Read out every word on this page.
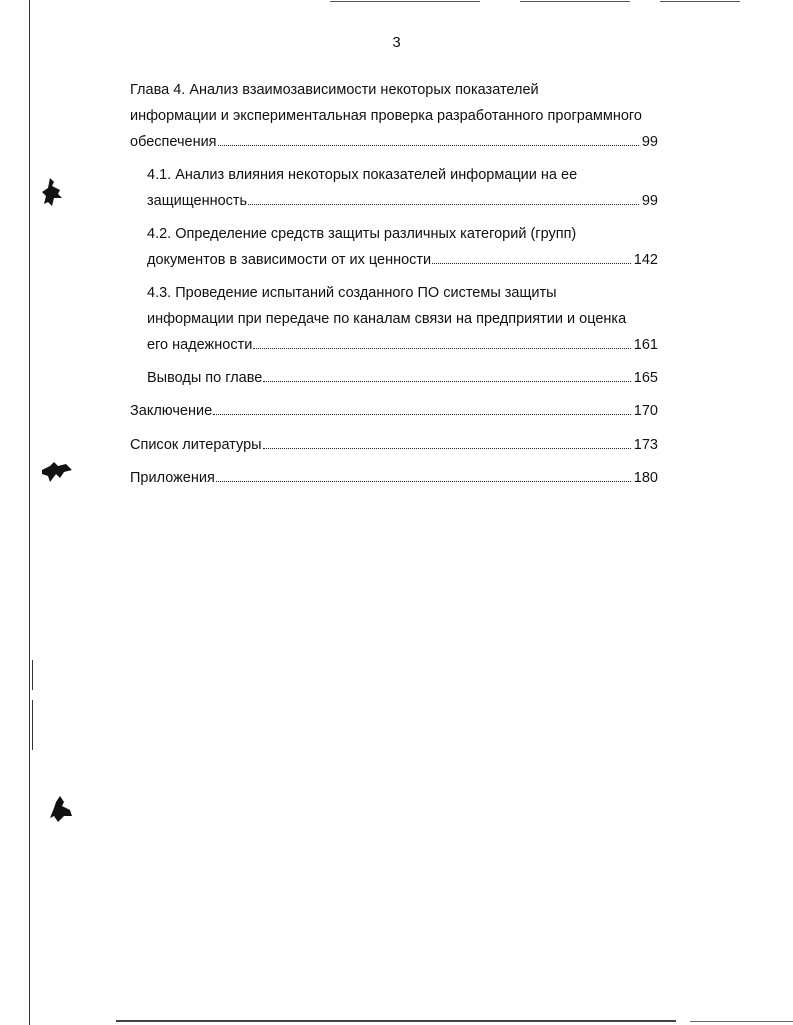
3
Глава 4. Анализ взаимозависимости некоторых показателей
информации и экспериментальная проверка разработанного программного
обеспечения	99
4.1. Анализ влияния некоторых показателей информации на ее
защищенность	99
4.2. Определение средств защиты различных категорий (групп)
документов в зависимости от их ценности	142
4.3. Проведение испытаний созданного ПО системы защиты
информации при передаче по каналам связи на предприятии и оценка
его надежности	161
Выводы по главе	165
Заключение	170
Список литературы	173
Приложения	180
